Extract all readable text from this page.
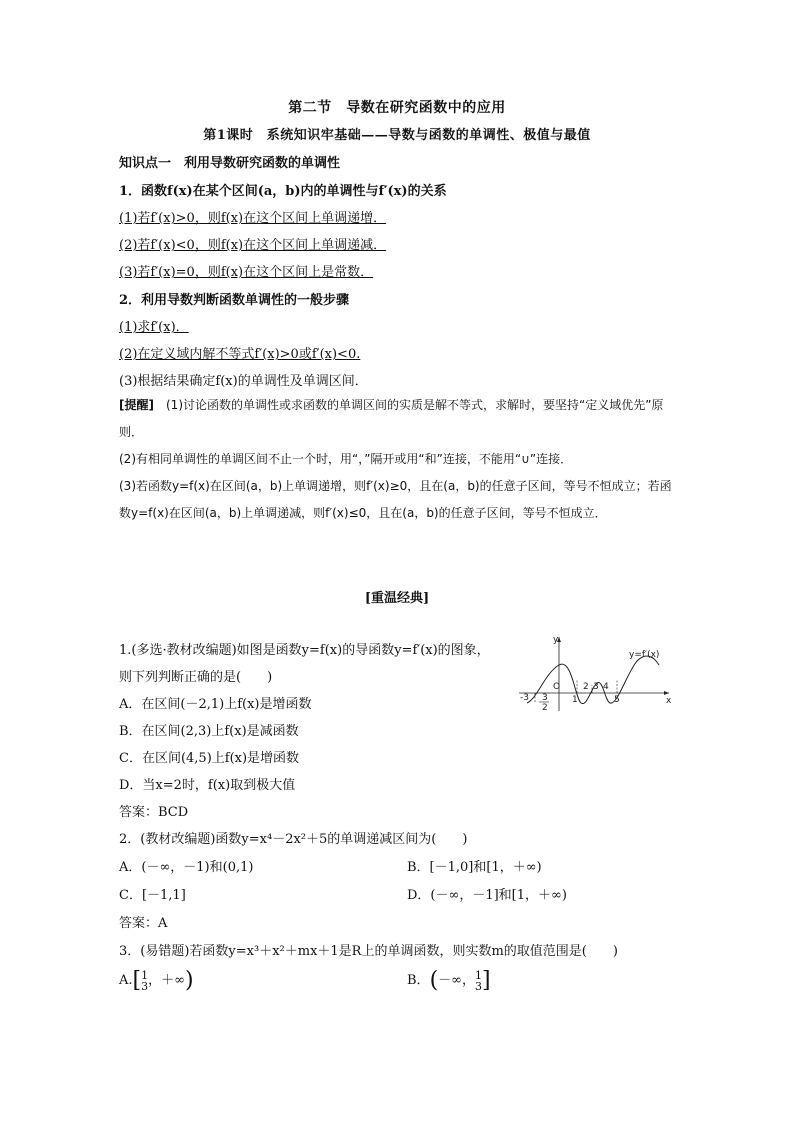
第二节　导数在研究函数中的应用
第1课时　系统知识牢基础——导数与函数的单调性、极值与最值
知识点一　利用导数研究函数的单调性
1．函数f(x)在某个区间(a，b)内的单调性与f′(x)的关系
(1)若f′(x)>0，则f(x)在这个区间上单调递增．
(2)若f′(x)<0，则f(x)在这个区间上单调递减．
(3)若f′(x)=0，则f(x)在这个区间上是常数．
2．利用导数判断函数单调性的一般步骤
(1)求f′(x)．
(2)在定义域内解不等式f′(x)>0或f′(x)<0.
(3)根据结果确定f(x)的单调性及单调区间．
[提醒]　 (1)讨论函数的单调性或求函数的单调区间的实质是解不等式，求解时，要坚持“定义域优先”原则．
(2)有相同单调性的单调区间不止一个时，用“，”隔开或用“和”连接，不能用“∪”连接．
(3)若函数y=f(x)在区间(a，b)上单调递增，则f′(x)≥0，且在(a，b)的任意子区间，等号不恒成立；若函数y=f(x)在区间(a，b)上单调递减，则f′(x)≤0，且在(a，b)的任意子区间，等号不恒成立．
[重温经典]
1.(多选·教材改编题)如图是函数y=f(x)的导函数y=f′(x)的图象，
则下列判断正确的是(　　)
A．在区间(－2,1)上f(x)是增函数
B．在区间(2,3)上f(x)是减函数
C．在区间(4,5)上f(x)是增函数
D．当x=2时，f(x)取到极大值
答案：BCD
y
x
O
-3 3
2
1
2 3 4
5
y=f′(x)
2．(教材改编题)函数y=x⁴－2x²＋5的单调递减区间为(　　)
A．(－∞，－1)和(0,1)	B．[－1,0]和[1，＋∞)
C．[－1,1]	D．(－∞，－1]和[1，＋∞)
答案：A
3．(易错题)若函数y=x³＋x²＋mx＋1是R上的单调函数，则实数m的取值范围是(　　)
A.[1
3，＋∞)	B．(－∞，1
3]
